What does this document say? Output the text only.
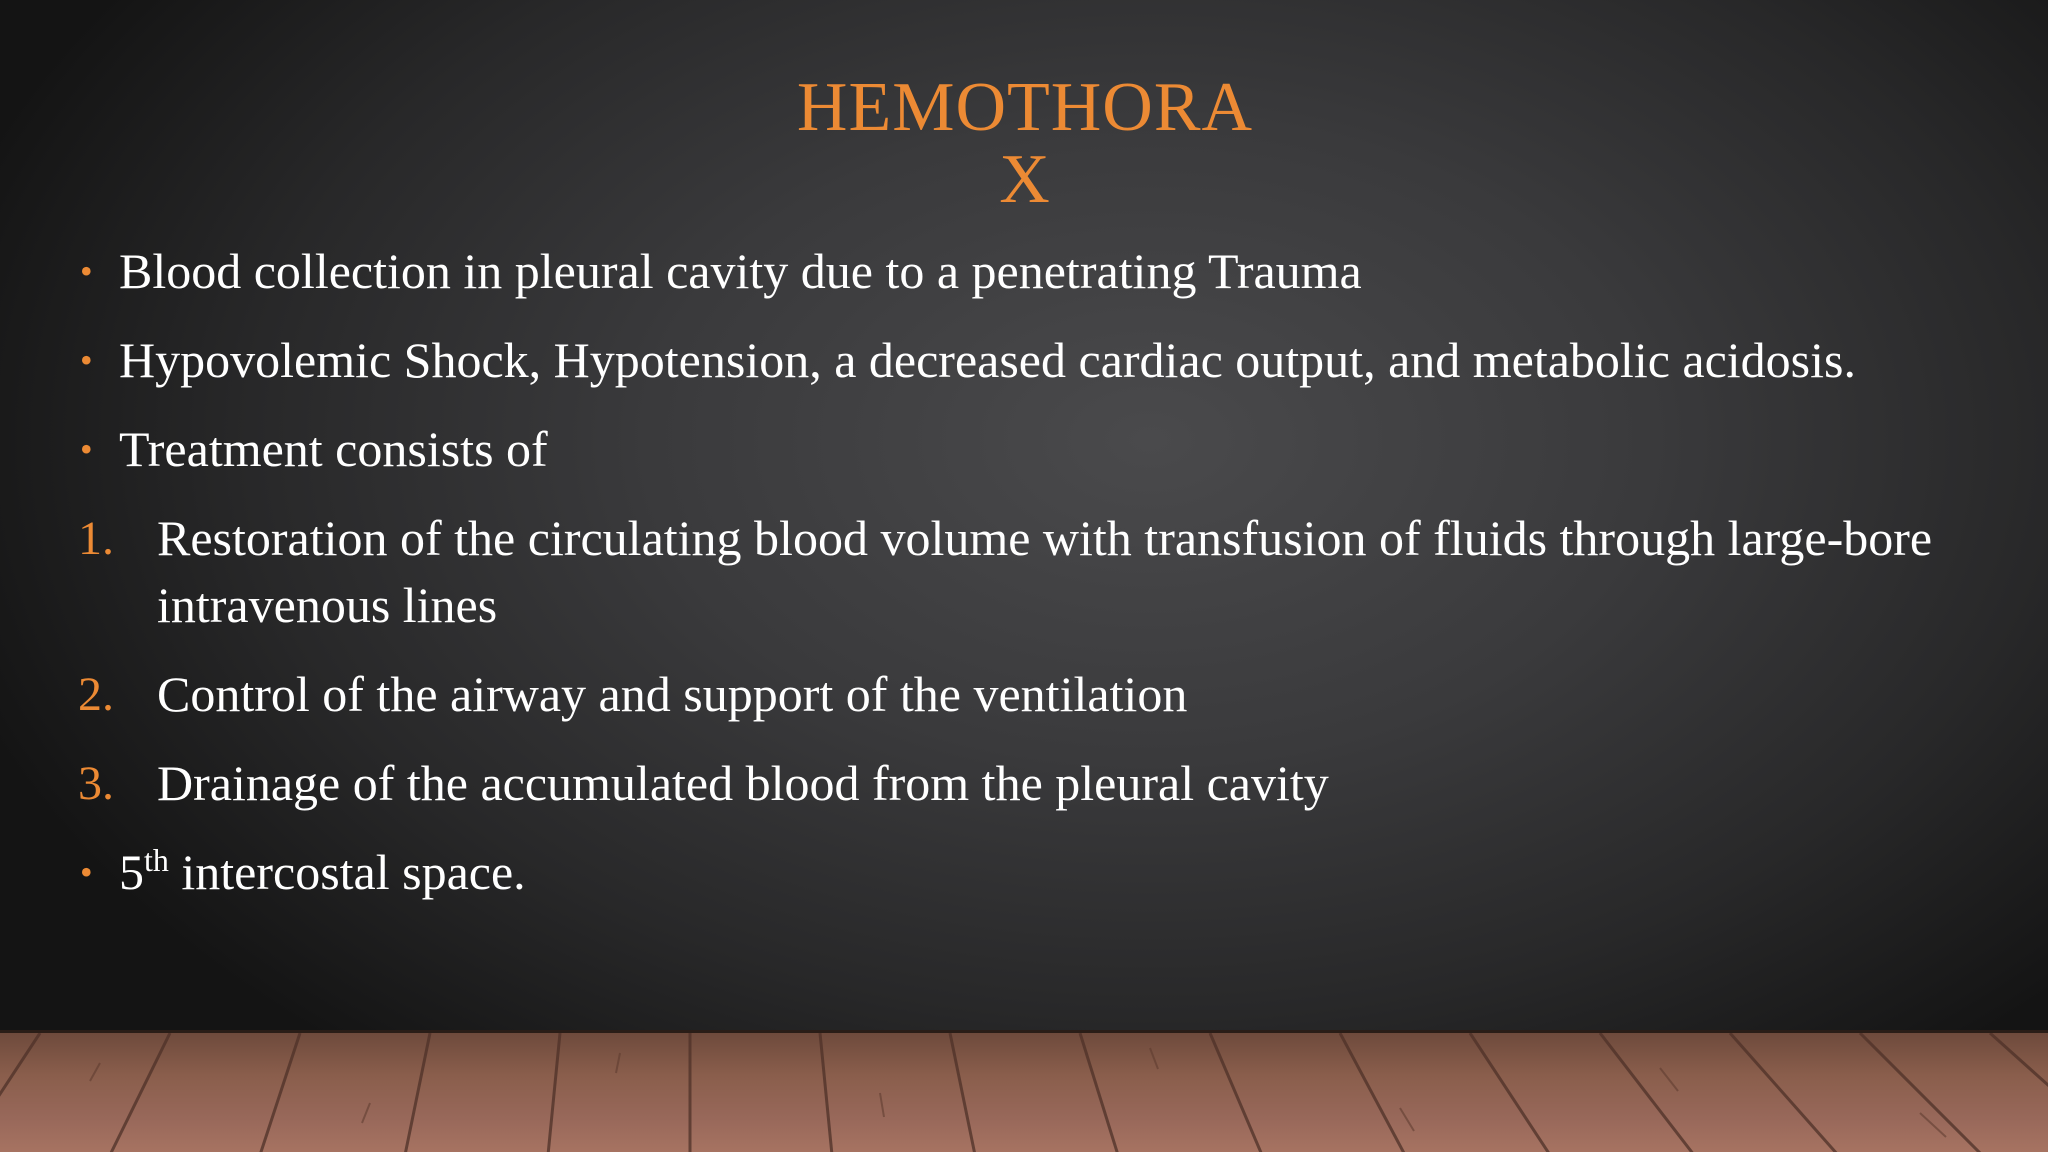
HEMOTHORA
X
• Blood collection in pleural cavity due to a penetrating Trauma
• Hypovolemic Shock, Hypotension, a decreased cardiac output, and metabolic acidosis.
• Treatment consists of
1. Restoration of the circulating blood volume with transfusion of fluids through large-bore intravenous lines
2. Control of the airway and support of the ventilation
3. Drainage of the accumulated blood from the pleural cavity
• 5th intercostal space.
